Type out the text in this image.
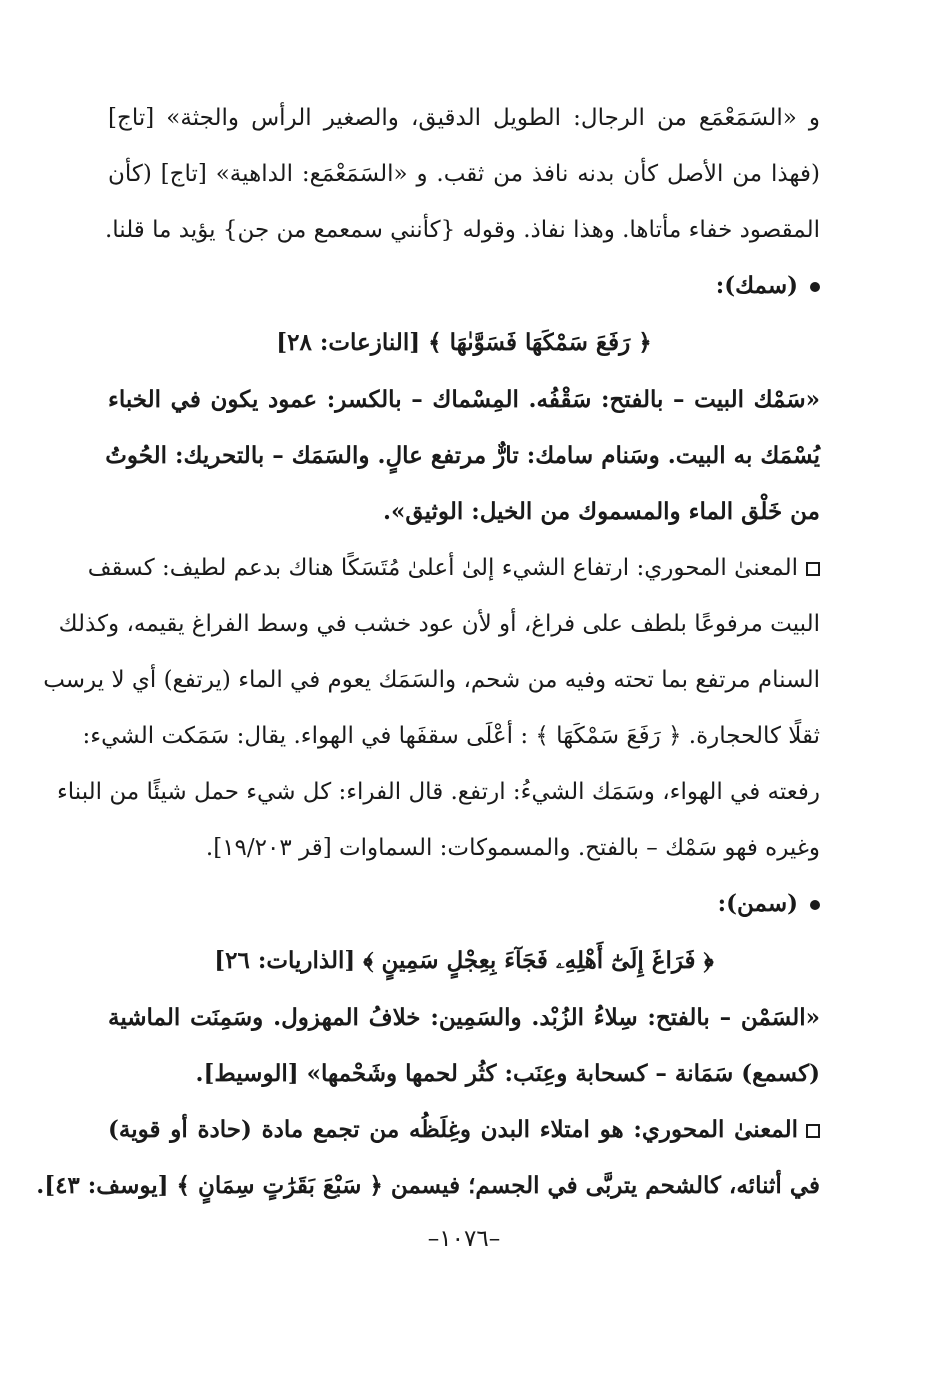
و «السَمَعْمَع من الرجال: الطويل الدقيق، والصغير الرأس والجثة» [تاج]
(فهذا من الأصل كأن بدنه نافذ من ثقب. و «السَمَعْمَع: الداهية» [تاج] (كأن
المقصود خفاء مأتاها. وهذا نفاذ. وقوله {كأنني سمعمع من جن} يؤيد ما قلنا.
(سمك):
﴿ رَفَعَ سَمْكَهَا فَسَوَّىٰهَا ﴾ [النازعات: ٢٨]
«سَمْك البيت – بالفتح: سَقْفُه. المِسْماك – بالكسر: عمود يكون في الخباء
يُسْمَك به البيت. وسَنام سامك: تارٌّ مرتفع عالٍ. والسَمَك – بالتحريك: الحُوتُ
من خَلْق الماء والمسموك من الخيل: الوثيق».
المعنىٰ المحوري: ارتفاع الشيء إلىٰ أعلىٰ مُتَسَكًا هناك بدعم لطيف: كسقف
البيت مرفوعًا بلطف على فراغ، أو لأن عود خشب في وسط الفراغ يقيمه، وكذلك
السنام مرتفع بما تحته وفيه من شحم، والسَمَك يعوم في الماء (يرتفع) أي لا يرسب
ثقلًا كالحجارة. ﴿ رَفَعَ سَمْكَهَا ﴾ : أعْلَى سقفَها في الهواء. يقال: سَمَكت الشيء:
رفعته في الهواء، وسَمَك الشيءُ: ارتفع. قال الفراء: كل شيء حمل شيئًا من البناء
وغيره فهو سَمْك – بالفتح. والمسموكات: السماوات [قر ١٩/٢٠٣].
(سمن):
﴿ فَرَاغَ إِلَىٰٓ أَهْلِهِۦ فَجَآءَ بِعِجْلٍ سَمِينٍ ﴾ [الذاريات: ٢٦]
«السَمْن – بالفتح: سِلاءُ الزُبْد. والسَمِين: خلافُ المهزول. وسَمِنَت الماشية
(كسمع) سَمَانة – كسحابة وعِنَب: كثُر لحمها وشَحْمها» [الوسيط].
المعنىٰ المحوري: هو امتلاء البدن وغِلَظُه من تجمع مادة (حادة أو قوية)
في أثنائه، كالشحم يتربَّى في الجسم؛ فيسمن ﴿ سَبْعَ بَقَرَٰتٍ سِمَانٍ ﴾ [يوسف: ٤٣].
–١٠٧٦–
